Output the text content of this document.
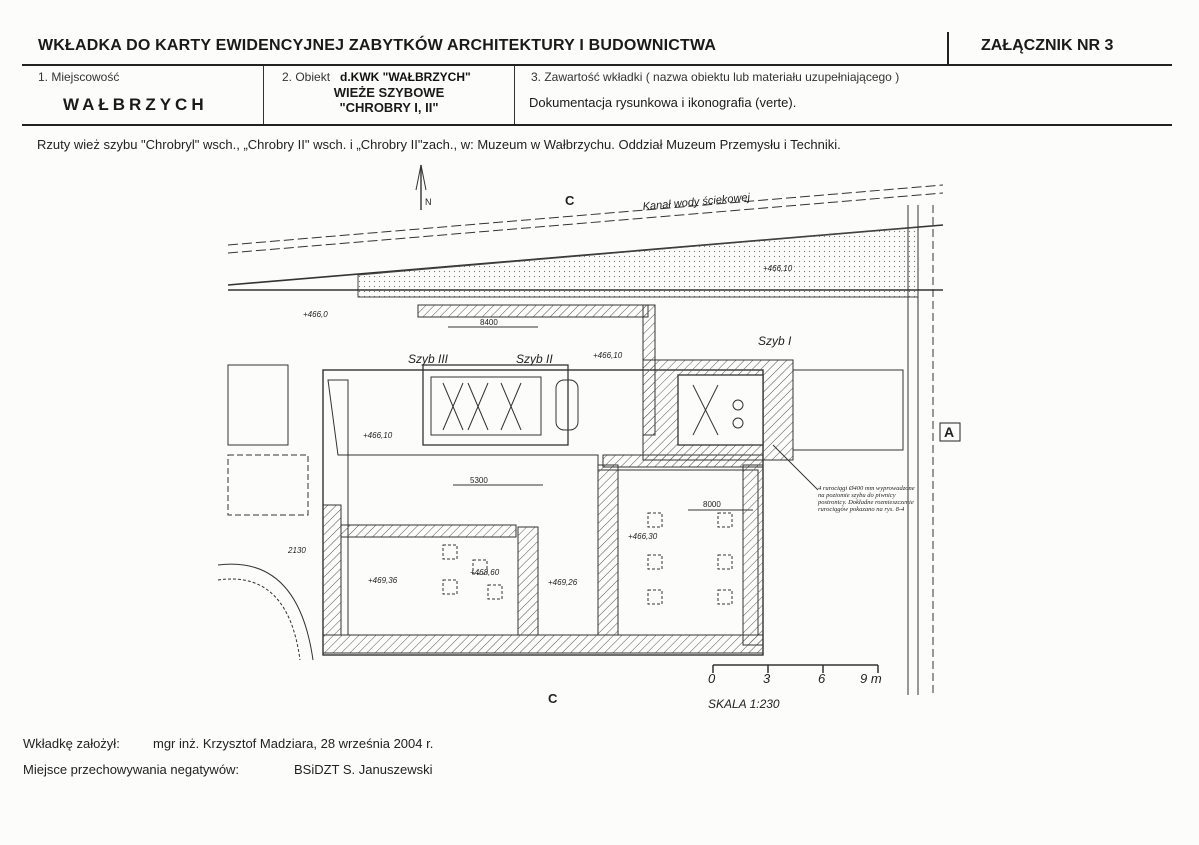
WKŁADKA DO KARTY EWIDENCYJNEJ ZABYTKÓW ARCHITEKTURY I BUDOWNICTWA	ZAŁĄCZNIK NR 3
1. Miejscowość
WAŁBRZYCH
2. Obiekt d.KWK "WAŁBRZYCH"
WIEŻE SZYBOWE
"CHROBRY I, II"
3. Zawartość wkładki ( nazwa obiektu lub materiału uzupełniającego )
Dokumentacja rysunkowa i ikonografia (verte).
Rzuty wież szybu "Chrobryl" wsch., „Chrobry II" wsch. i „Chrobry II"zach., w: Muzeum w Wałbrzychu. Oddział Muzeum Przemysłu i Techniki.
Kanał wody ściekowej
N	C
C
A
8400
Szyb III	Szyb II
5300
Szyb I
8000
+466,10
+466,10
+466,0
+466,10
+469,36	+469,26
+466,30
+468,60
2130
4 rurociągi Ø400 mm wyprowadzone na poziomie szybu do piwnicy postronicy. Dokładne rozmieszczenie rurociągów pokazano na rys. 8-4
0	3	6	9 m
SKALA 1:230
Wkładkę założył:	mgr inż. Krzysztof Madziara, 28 września 2004 r.
Miejsce przechowywania negatywów:	BSiDZT S. Januszewski
